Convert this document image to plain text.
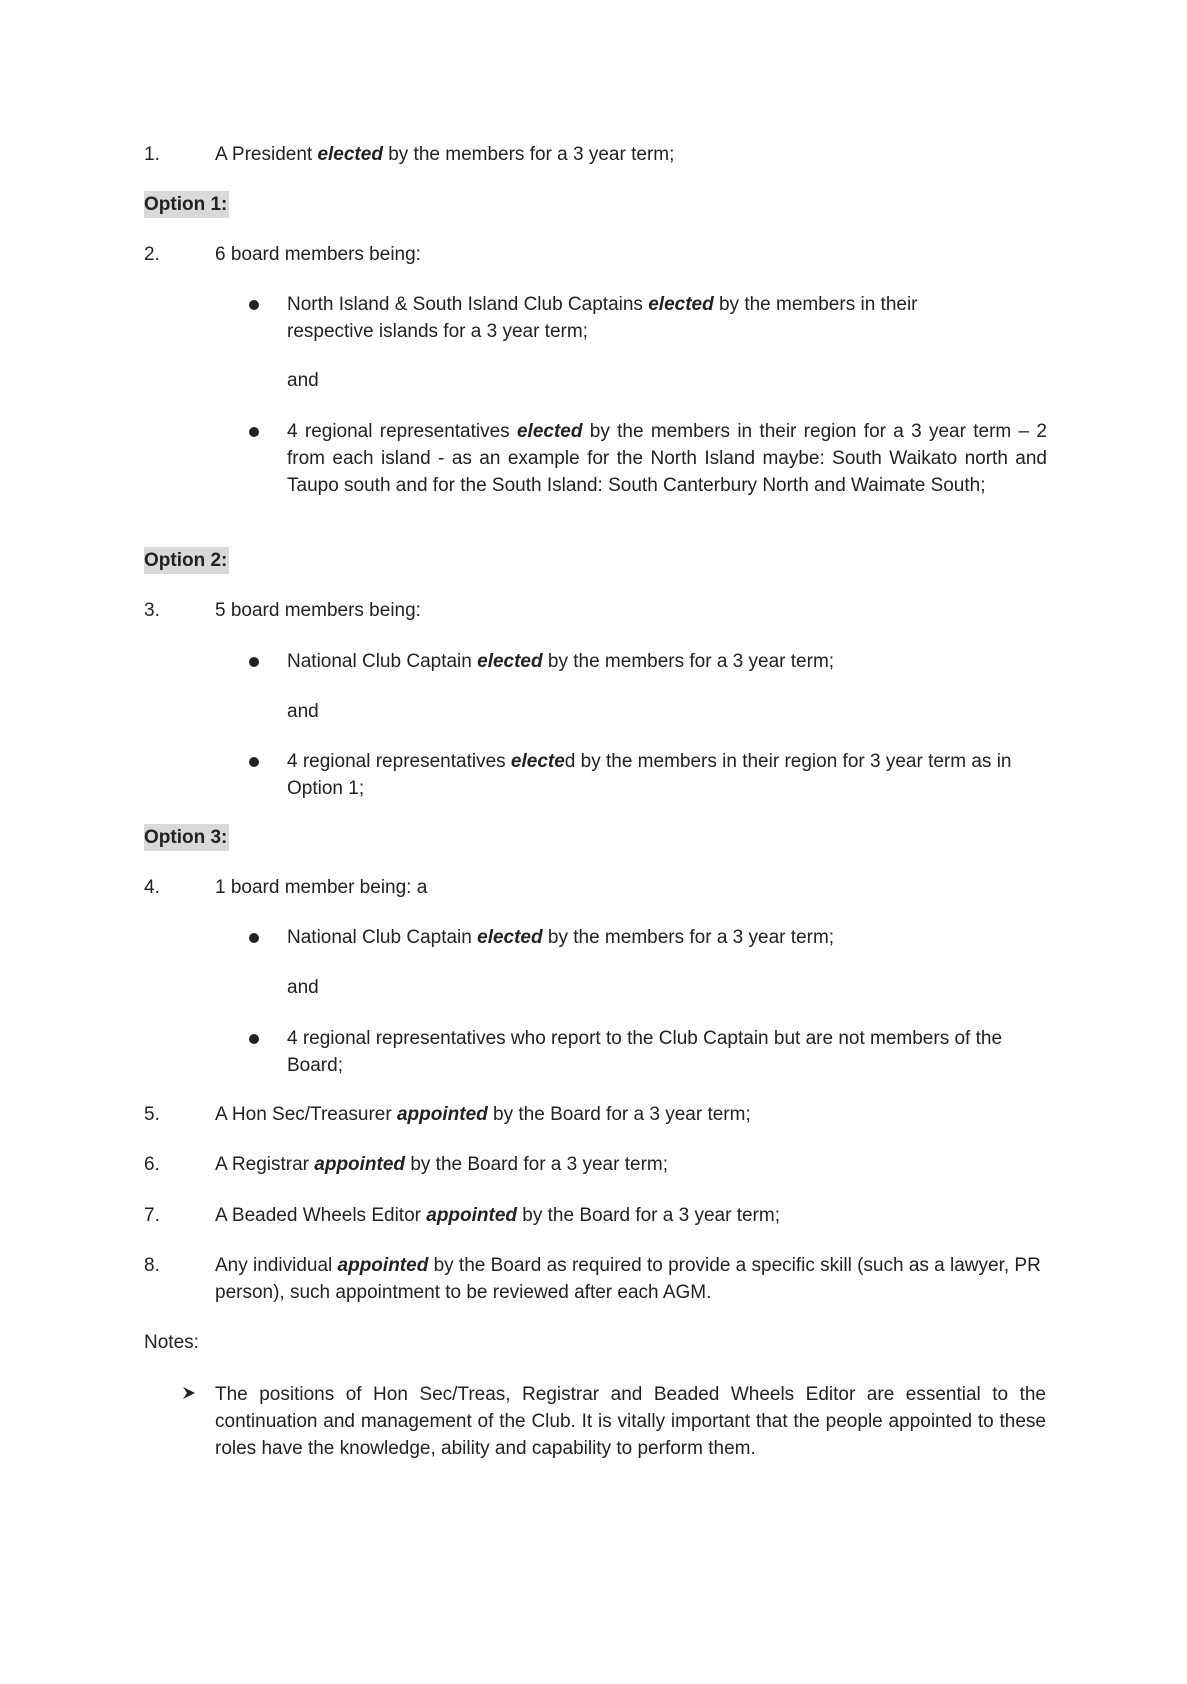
1.	A President elected by the members for a 3 year term;
Option 1:
2.	6 board members being:
North Island & South Island Club Captains elected by the members in their respective islands for a 3 year term;
and
4 regional representatives elected by the members in their region for a 3 year term – 2 from each island - as an example for the North Island maybe: South Waikato north and Taupo south and for the South Island: South Canterbury North and Waimate South;
Option 2:
3.	5 board members being:
National Club Captain elected by the members for a 3 year term;
and
4 regional representatives elected by the members in their region for 3 year term as in Option 1;
Option 3:
4.	1 board member being: a
National Club Captain elected by the members for a 3 year term;
and
4 regional representatives who report to the Club Captain but are not members of the Board;
5.	A Hon Sec/Treasurer appointed by the Board for a 3 year term;
6.	A Registrar appointed by the Board for a 3 year term;
7.	A Beaded Wheels Editor appointed by the Board for a 3 year term;
8.	Any individual appointed by the Board as required to provide a specific skill (such as a lawyer, PR person), such appointment to be reviewed after each AGM.
Notes:
The positions of Hon Sec/Treas, Registrar and Beaded Wheels Editor are essential to the continuation and management of the Club. It is vitally important that the people appointed to these roles have the knowledge, ability and capability to perform them.
